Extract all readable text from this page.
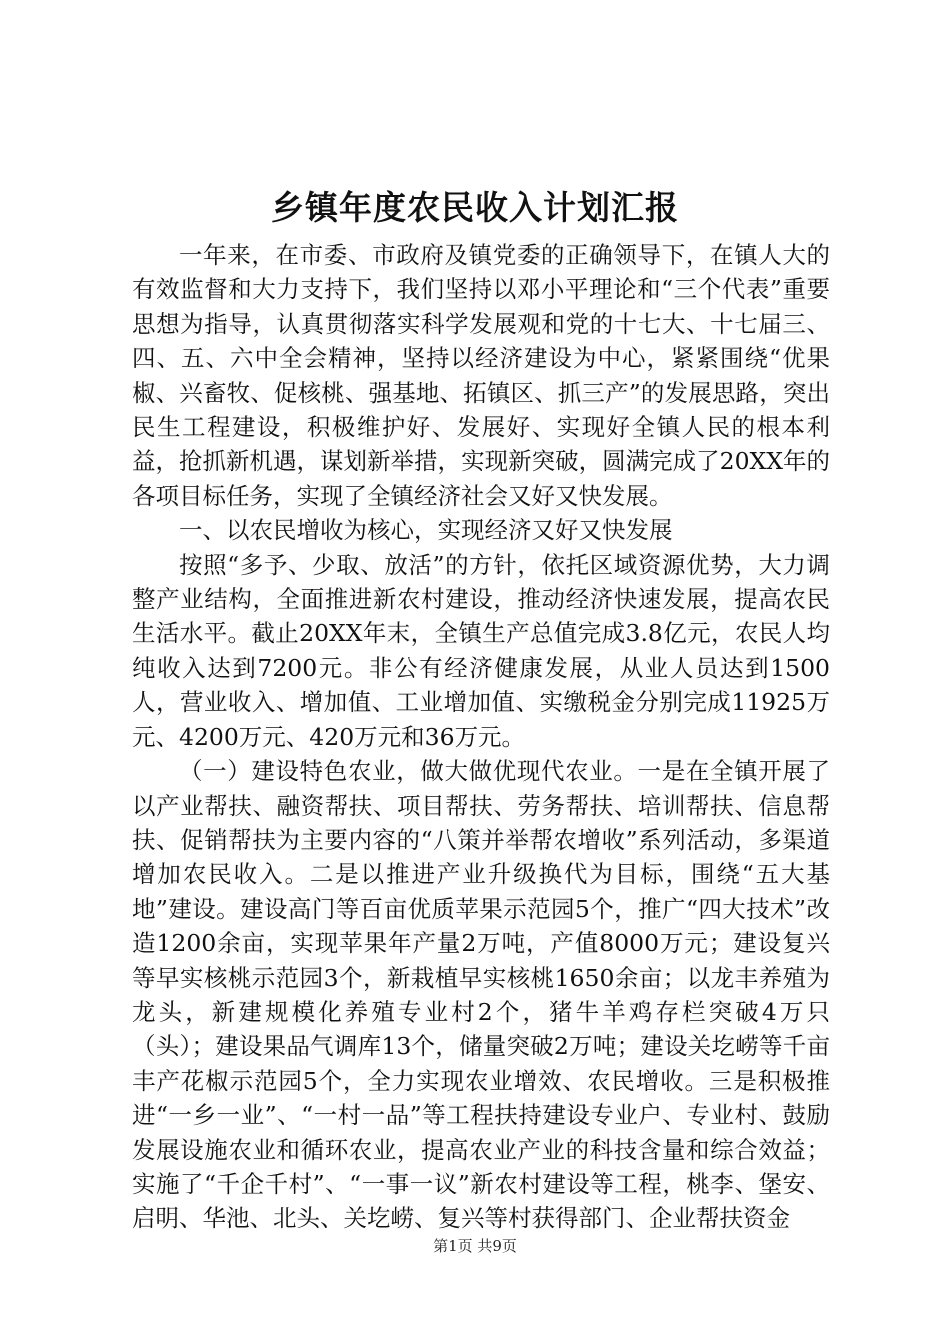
乡镇年度农民收入计划汇报

一年来，在市委、市政府及镇党委的正确领导下，在镇人大的有效监督和大力支持下，我们坚持以邓小平理论和“三个代表”重要思想为指导，认真贯彻落实科学发展观和党的十七大、十七届三、四、五、六中全会精神，坚持以经济建设为中心，紧紧围绕“优果椒、兴畜牧、促核桃、强基地、拓镇区、抓三产”的发展思路，突出民生工程建设，积极维护好、发展好、实现好全镇人民的根本利益，抢抓新机遇，谋划新举措，实现新突破，圆满完成了20XX年的各项目标任务，实现了全镇经济社会又好又快发展。

一、以农民增收为核心，实现经济又好又快发展

按照“多予、少取、放活”的方针，依托区域资源优势，大力调整产业结构，全面推进新农村建设，推动经济快速发展，提高农民生活水平。截止20XX年末，全镇生产总值完成3.8亿元，农民人均纯收入达到7200元。非公有经济健康发展，从业人员达到1500人，营业收入、增加值、工业增加值、实缴税金分别完成11925万元、4200万元、420万元和36万元。

（一）建设特色农业，做大做优现代农业。一是在全镇开展了以产业帮扶、融资帮扶、项目帮扶、劳务帮扶、培训帮扶、信息帮扶、促销帮扶为主要内容的“八策并举帮农增收”系列活动，多渠道增加农民收入。二是以推进产业升级换代为目标，围绕“五大基地”建设。建设高门等百亩优质苹果示范园5个，推广“四大技术”改造1200余亩，实现苹果年产量2万吨，产值8000万元；建设复兴等早实核桃示范园3个，新栽植早实核桃1650余亩；以龙丰养殖为龙头，新建规模化养殖专业村2个，猪牛羊鸡存栏突破4万只（头）；建设果品气调库13个，储量突破2万吨；建设关圪崂等千亩丰产花椒示范园5个，全力实现农业增效、农民增收。三是积极推进“一乡一业”、“一村一品”等工程扶持建设专业户、专业村、鼓励发展设施农业和循环农业，提高农业产业的科技含量和综合效益；实施了“千企千村”、“一事一议”新农村建设等工程，桃李、堡安、启明、华池、北头、关圪崂、复兴等村获得部门、企业帮扶资金

第1页 共9页
